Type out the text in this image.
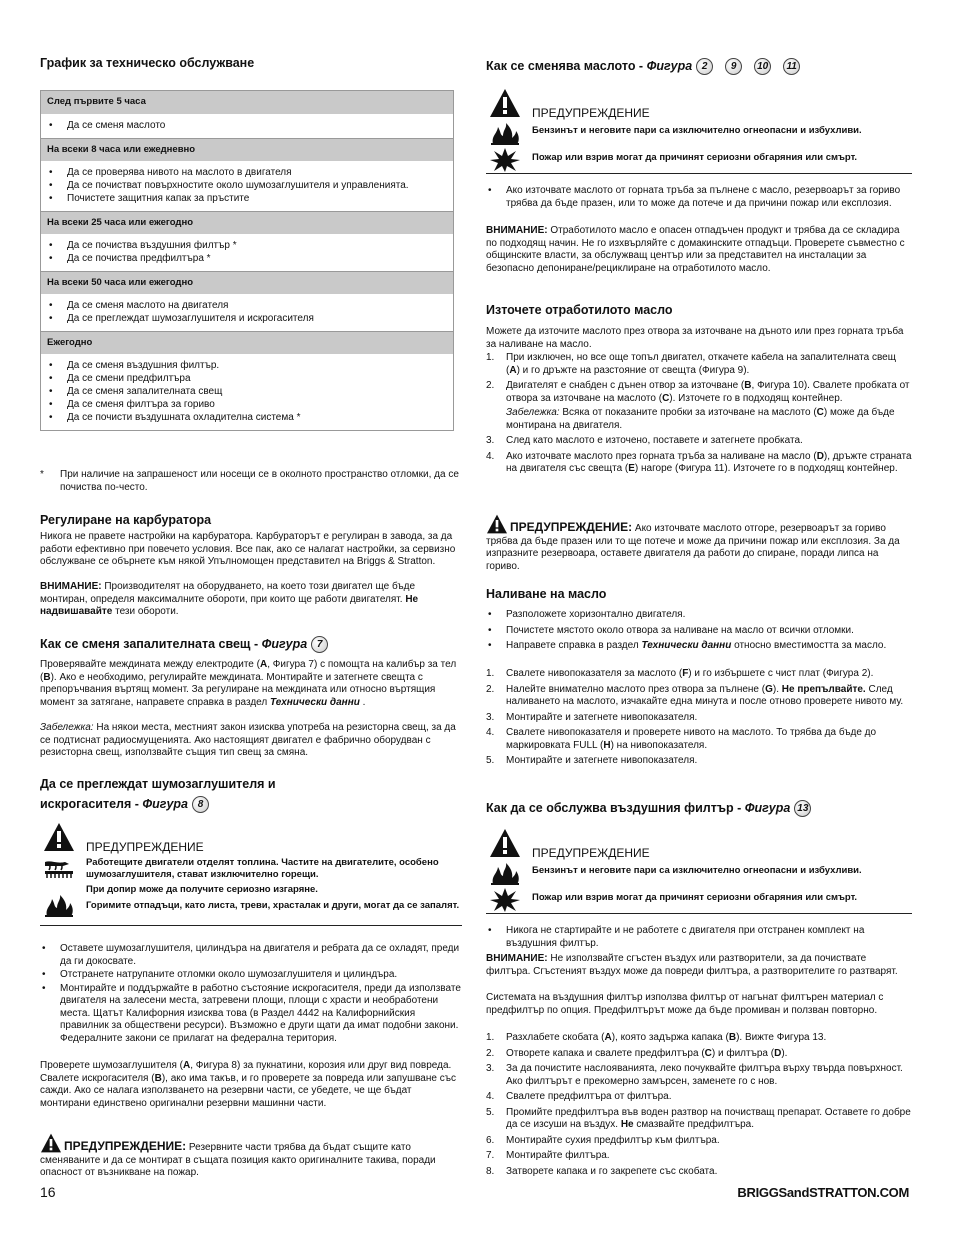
График за техническо обслужване
След първите 5 часа
• Да се сменя маслото
На всеки 8 часа или ежедневно
• Да се проверява нивото на маслото в двигателя
• Да се почистват повърхностите около шумозаглушителя и управленията.
• Почистете защитния капак за пръстите
На всеки 25 часа или ежегодно
• Да се почиства въздушния филтър *
• Да се почиства предфилтъра *
На всеки 50 часа или ежегодно
• Да се сменя маслото на двигателя
• Да се преглеждат шумозаглушителя и искрогасителя
Ежегодно
• Да се сменя въздушния филтър.
• Да се смени предфилтъра
• Да се сменя запалителната свещ
• Да се сменя филтъра за гориво
• Да се почисти въздушната охладителна система *
* При наличие на запрашеност или носещи се в околното пространство отломки, да се почиства по-често.
Регулиране на карбуратора
Никога не правете настройки на карбуратора. Карбураторът е регулиран в завода, за да работи ефективно при повечето условия. Все пак, ако се налагат настройки, за сервизно обслужване се обърнете към някой Упълномощен представител на Briggs & Stratton.
ВНИМАНИЕ: Производителят на оборудването, на което този двигател ще бъде монтиран, определя максималните обороти, при които ще работи двигателят. Не надвишавайте тези обороти.
Как се сменя запалителната свещ - Фигура 7
Проверявайте междината между електродите (A, Фигура 7) с помощта на калибър за тел (B). Ако е необходимо, регулирайте междината. Монтирайте и затегнете свещта с препоръчвания въртящ момент. За регулиране на междината или относно въртящия момент за затягане, направете справка в раздел Технически данни .
Забележка: На някои места, местният закон изисква употреба на резисторна свещ, за да се подтиснат радиосмущенията. Ако настоящият двигател е фабрично оборудван с резисторна свещ, използвайте същия тип свещ за смяна.
Да се преглеждат шумозаглушителя и
искрогасителя - Фигура 8
ПРЕДУПРЕЖДЕНИЕ
Работещите двигатели отделят топлина. Частите на двигателите, особено шумозаглушителя, стават изключително горещи.
При допир може да получите сериозно изгаряне.
Горимите отпадъци, като листа, треви, храсталак и други, могат да се запалят.
• Оставете шумозаглушителя, цилиндъра на двигателя и ребрата да се охладят, преди да ги докосвате.
• Отстранете натрупаните отломки около шумозаглушителя и цилиндъра.
• Монтирайте и поддържайте в работно състояние искрогасителя, преди да използвате двигателя на залесени места, затревени площи, площи с храсти и необработени места. Щатът Калифорния изисква това (в Раздел 4442 на Калифорнийския правилник за обществени ресурси). Възможно е други щати да имат подобни закони. Федералните закони се прилагат на федерална територия.
Проверете шумозаглушителя (A, Фигура 8) за пукнатини, корозия или друг вид повреда. Свалете искрогасителя (B), ако има такъв, и го проверете за повреда или запушване със сажди. Ако се налага използването на резервни части, се убедете, че ще бъдат монтирани единствено оригинални резервни машинни части.
ПРЕДУПРЕЖДЕНИЕ: Резервните части трябва да бъдат същите като сменяваните и да се монтират в същата позиция както оригиналните такива, поради опасност от възникване на пожар.
Как се сменява маслото - Фигура 2 9 10 11
ПРЕДУПРЕЖДЕНИЕ
Бензинът и неговите пари са изключително огнеопасни и избухливи.
Пожар или взрив могат да причинят сериозни обгаряния или смърт.
• Ако източвате маслото от горната тръба за пълнене с масло, резервоарът за гориво трябва да бъде празен, или то може да потече и да причини пожар или експлозия.
ВНИМАНИЕ: Отработилото масло е опасен отпадъчен продукт и трябва да се складира по подходящ начин. Не го изхвърляйте с домакинските отпадъци. Проверете съвместно с общинските власти, за обслужващ център или за представител на инсталации за безопасно депониране/рециклиране на отработилото масло.
Източете отработилото масло
Можете да източите маслото през отвора за източване на дъното или през горната тръба за наливане на масло.
1. При изключен, но все още топъл двигател, откачете кабела на запалителната свещ (A) и го дръжте на разстояние от свещта (Фигура 9).
2. Двигателят е снабден с дънен отвор за източване (B, Фигура 10). Свалете пробката от отвора за източване на маслото (C). Източете го в подходящ контейнер.
Забележка: Всяка от показаните пробки за източване на маслото (C) може да бъде монтирана на двигателя.
3. След като маслото е източено, поставете и затегнете пробката.
4. Ако източвате маслото през горната тръба за наливане на масло (D), дръжте страната на двигателя със свещта (E) нагоре (Фигура 11). Източете го в подходящ контейнер.
ПРЕДУПРЕЖДЕНИЕ: Ако източвате маслото отгоре, резервоарът за гориво трябва да бъде празен или то ще потече и може да причини пожар или експлозия. За да изпразните резервоара, оставете двигателя да работи до спиране, поради липса на гориво.
Наливане на масло
• Разположете хоризонтално двигателя.
• Почистете мястото около отвора за наливане на масло от всички отломки.
• Направете справка в раздел Технически данни относно вместимостта за масло.
1. Свалете нивопоказателя за маслото (F) и го избършете с чист плат (Фигура 2).
2. Налейте внимателно маслото през отвора за пълнене (G). Не препълвайте. След наливането на маслото, изчакайте една минута и после отново проверете нивото му.
3. Монтирайте и затегнете нивопоказателя.
4. Свалете нивопоказателя и проверете нивото на маслото. То трябва да бъде до маркировката FULL (H) на нивопоказателя.
5. Монтирайте и затегнете нивопоказателя.
Как да се обслужва въздушния филтър - Фигура 13
ПРЕДУПРЕЖДЕНИЕ
Бензинът и неговите пари са изключително огнеопасни и избухливи.
Пожар или взрив могат да причинят сериозни обгаряния или смърт.
• Никога не стартирайте и не работете с двигателя при отстранен комплект на въздушния филтър.
ВНИМАНИЕ: Не използвайте сгъстен въздух или разтворители, за да почиствате филтъра. Сгъстеният въздух може да повреди филтъра, а разтворителите го разтварят.
Системата на въздушния филтър използва филтър от нагънат филтърен материал с предфилтър по опция. Предфилтърът може да бъде промиван и ползван повторно.
1. Разхлабете скобата (A), която задържа капака (B). Вижте Фигура 13.
2. Отворете капака и свалете предфилтъра (C) и филтъра (D).
3. За да почистите наслояванията, леко почуквайте филтъра върху твърда повърхност. Ако филтърът е прекомерно замърсен, заменете го с нов.
4. Свалете предфилтъра от филтъра.
5. Промийте предфилтъра във воден разтвор на почистващ препарат. Оставете го добре да се изсуши на въздух. Не смазвайте предфилтъра.
6. Монтирайте сухия предфилтър към филтъра.
7. Монтирайте филтъра.
8. Затворете капака и го закрепете със скобата.
16	BRIGGSandSTRATTON.COM
